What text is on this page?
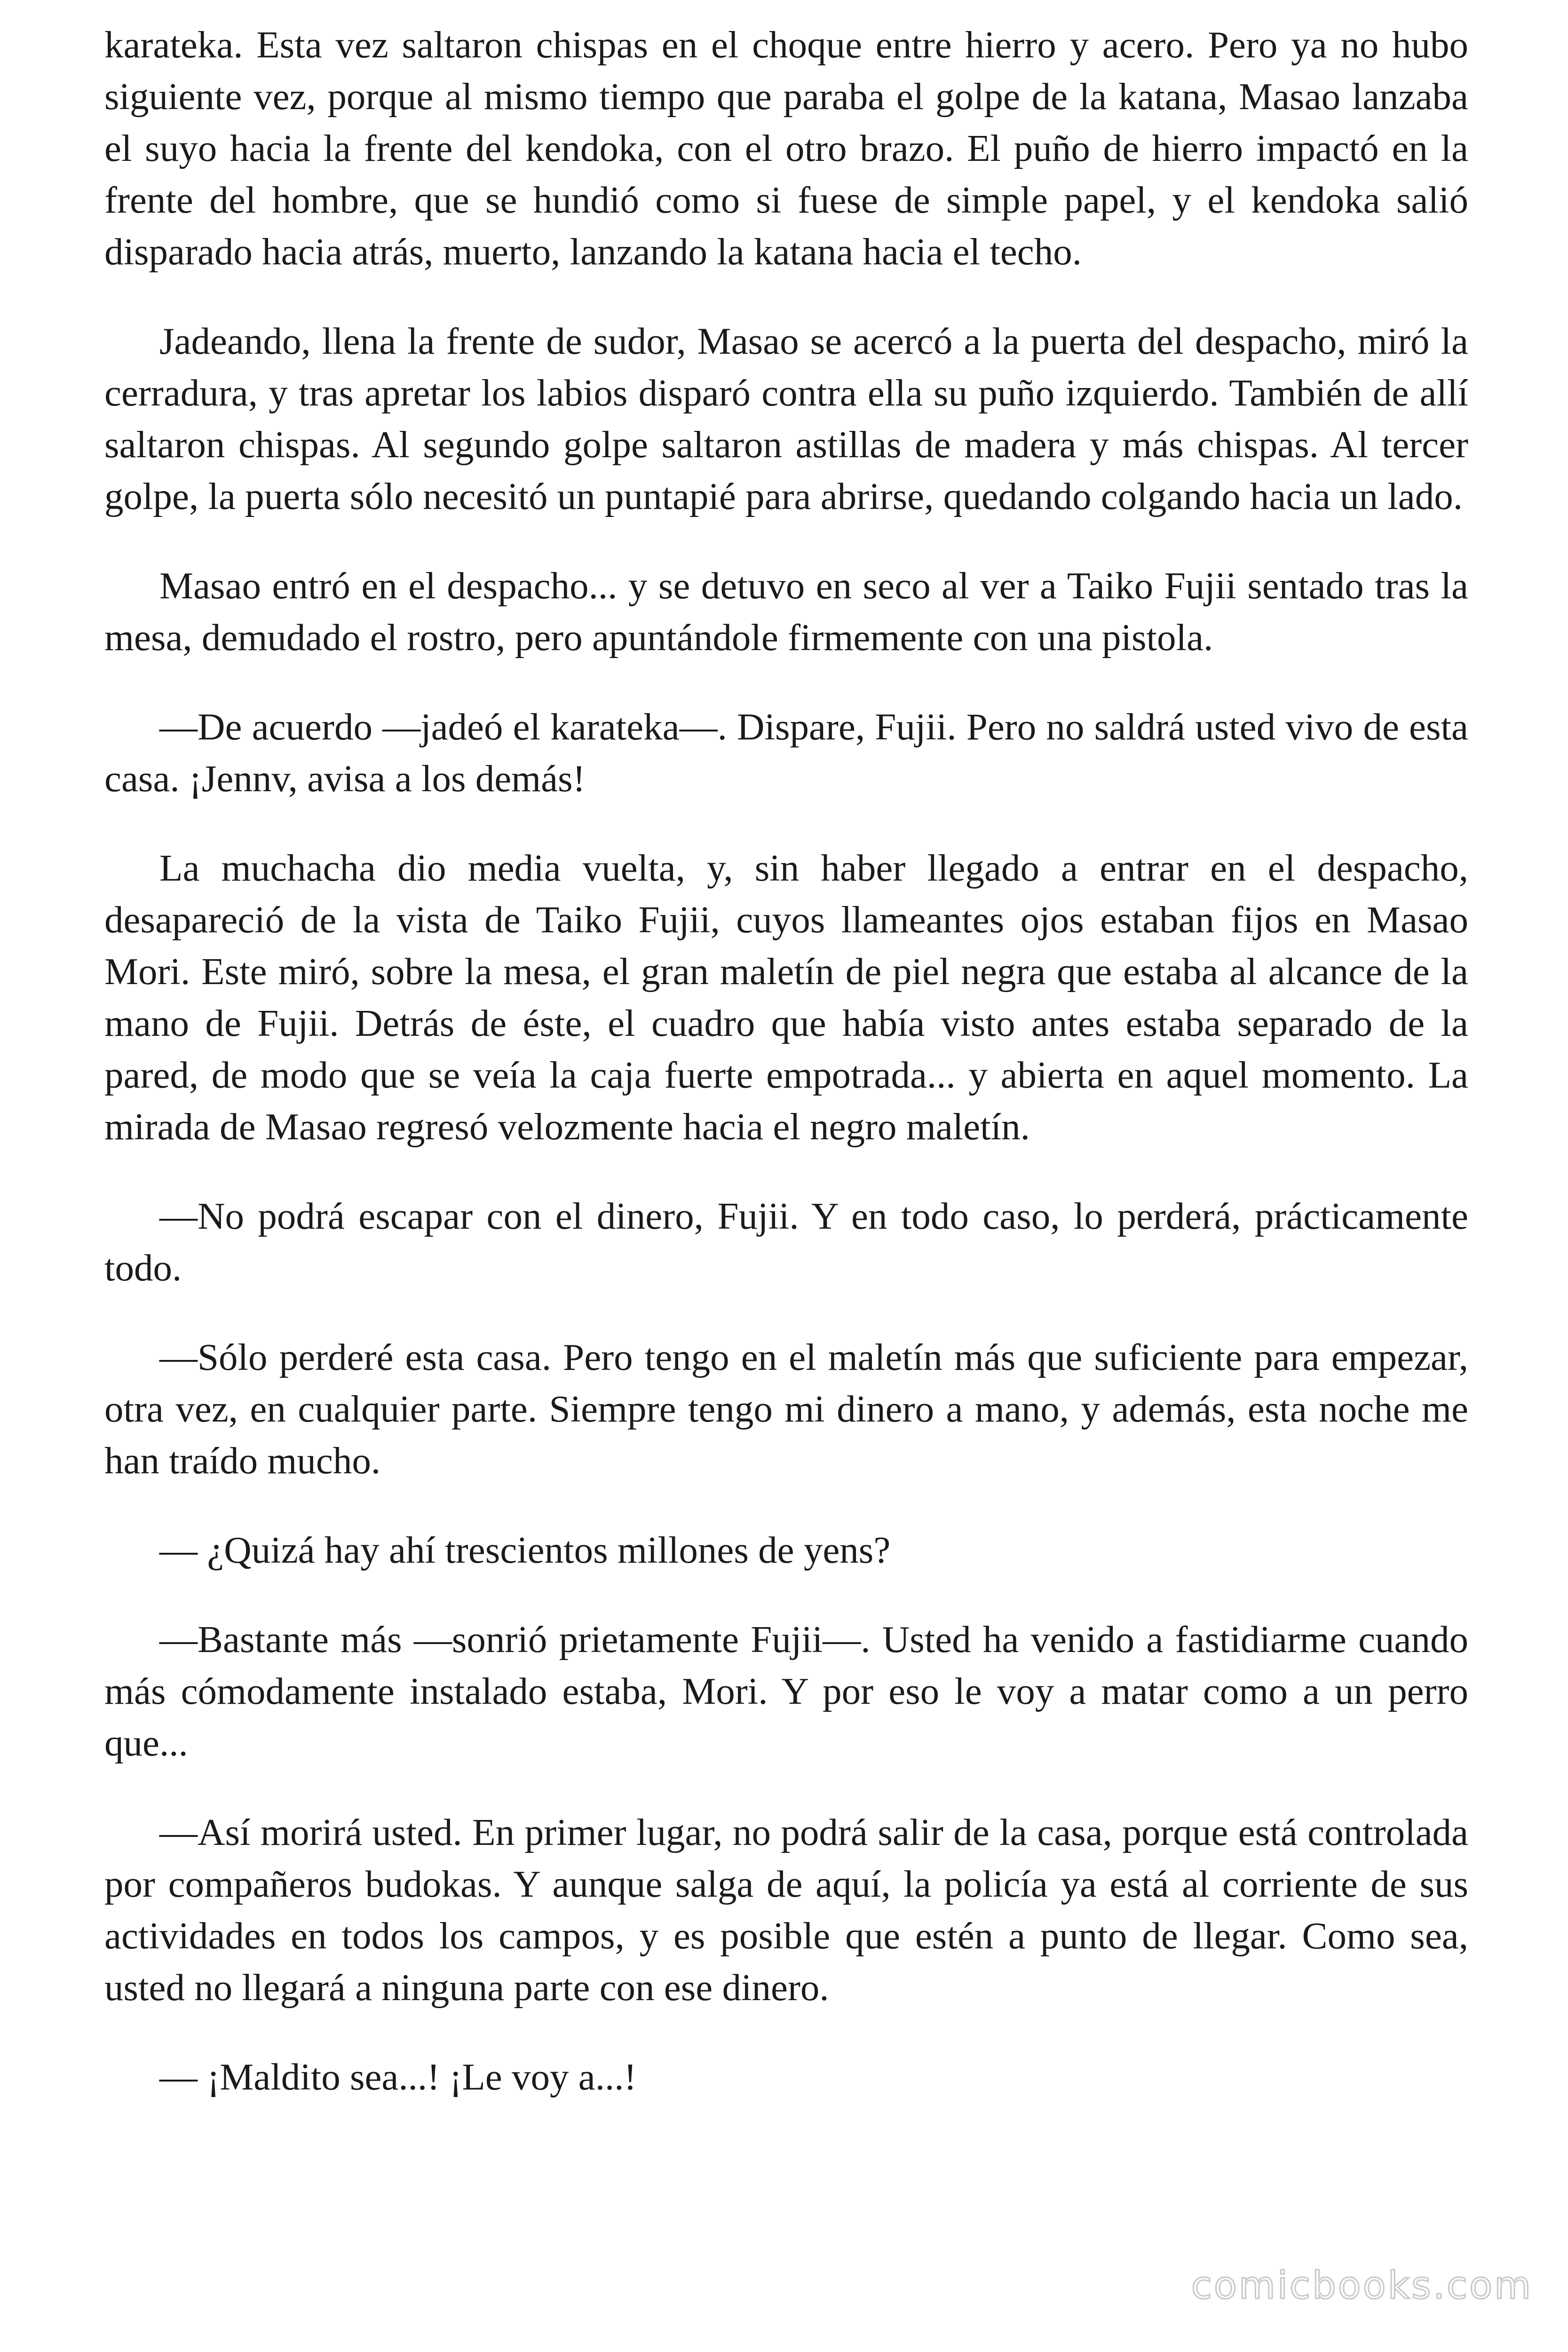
karateka. Esta vez saltaron chispas en el choque entre hierro y acero. Pero ya no hubo siguiente vez, porque al mismo tiempo que paraba el golpe de la katana, Masao lanzaba el suyo hacia la frente del kendoka, con el otro brazo. El puño de hierro impactó en la frente del hombre, que se hundió como si fuese de simple papel, y el kendoka salió disparado hacia atrás, muerto, lanzando la katana hacia el techo.

Jadeando, llena la frente de sudor, Masao se acercó a la puerta del despacho, miró la cerradura, y tras apretar los labios disparó contra ella su puño izquierdo. También de allí saltaron chispas. Al segundo golpe saltaron astillas de madera y más chispas. Al tercer golpe, la puerta sólo necesitó un puntapié para abrirse, quedando colgando hacia un lado.

Masao entró en el despacho... y se detuvo en seco al ver a Taiko Fujii sentado tras la mesa, demudado el rostro, pero apuntándole firmemente con una pistola.

—De acuerdo —jadeó el karateka—. Dispare, Fujii. Pero no saldrá usted vivo de esta casa. ¡Jennv, avisa a los demás!

La muchacha dio media vuelta, y, sin haber llegado a entrar en el despacho, desapareció de la vista de Taiko Fujii, cuyos llameantes ojos estaban fijos en Masao Mori. Este miró, sobre la mesa, el gran maletín de piel negra que estaba al alcance de la mano de Fujii. Detrás de éste, el cuadro que había visto antes estaba separado de la pared, de modo que se veía la caja fuerte empotrada... y abierta en aquel momento. La mirada de Masao regresó velozmente hacia el negro maletín.

—No podrá escapar con el dinero, Fujii. Y en todo caso, lo perderá, prácticamente todo.

—Sólo perderé esta casa. Pero tengo en el maletín más que suficiente para empezar, otra vez, en cualquier parte. Siempre tengo mi dinero a mano, y además, esta noche me han traído mucho.

— ¿Quizá hay ahí trescientos millones de yens?

—Bastante más —sonrió prietamente Fujii—. Usted ha venido a fastidiarme cuando más cómodamente instalado estaba, Mori. Y por eso le voy a matar como a un perro que...

—Así morirá usted. En primer lugar, no podrá salir de la casa, porque está controlada por compañeros budokas. Y aunque salga de aquí, la policía ya está al corriente de sus actividades en todos los campos, y es posible que estén a punto de llegar. Como sea, usted no llegará a ninguna parte con ese dinero.

— ¡Maldito sea...! ¡Le voy a...!

comicbooks.com
